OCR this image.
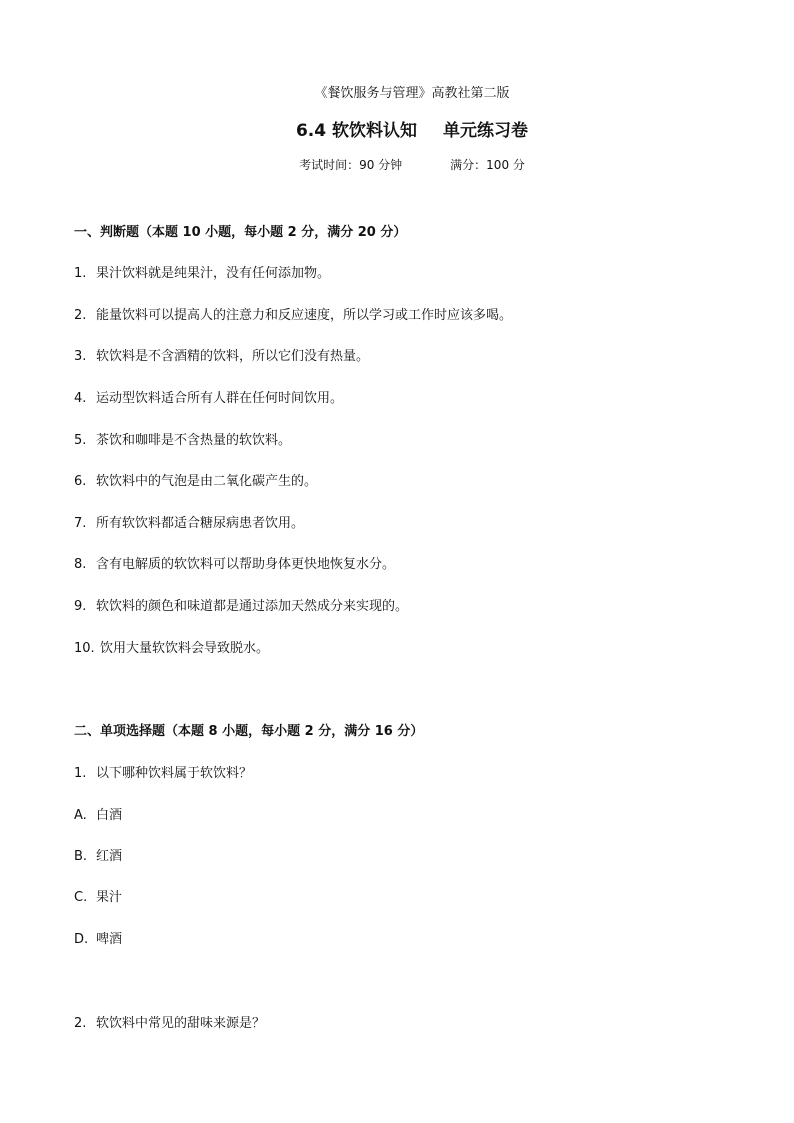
《餐饮服务与管理》高教社第二版
6.4 软饮料认知 单元练习卷
考试时间：90 分钟	满分：100 分
一、判断题（本题 10 小题，每小题 2 分，满分 20 分）
1. 果汁饮料就是纯果汁，没有任何添加物。
2. 能量饮料可以提高人的注意力和反应速度，所以学习或工作时应该多喝。
3. 软饮料是不含酒精的饮料，所以它们没有热量。
4. 运动型饮料适合所有人群在任何时间饮用。
5. 茶饮和咖啡是不含热量的软饮料。
6. 软饮料中的气泡是由二氧化碳产生的。
7. 所有软饮料都适合糖尿病患者饮用。
8. 含有电解质的软饮料可以帮助身体更快地恢复水分。
9. 软饮料的颜色和味道都是通过添加天然成分来实现的。
10. 饮用大量软饮料会导致脱水。
二、单项选择题（本题 8 小题，每小题 2 分，满分 16 分）
1. 以下哪种饮料属于软饮料？
A. 白酒
B. 红酒
C. 果汁
D. 啤酒
2. 软饮料中常见的甜味来源是？
